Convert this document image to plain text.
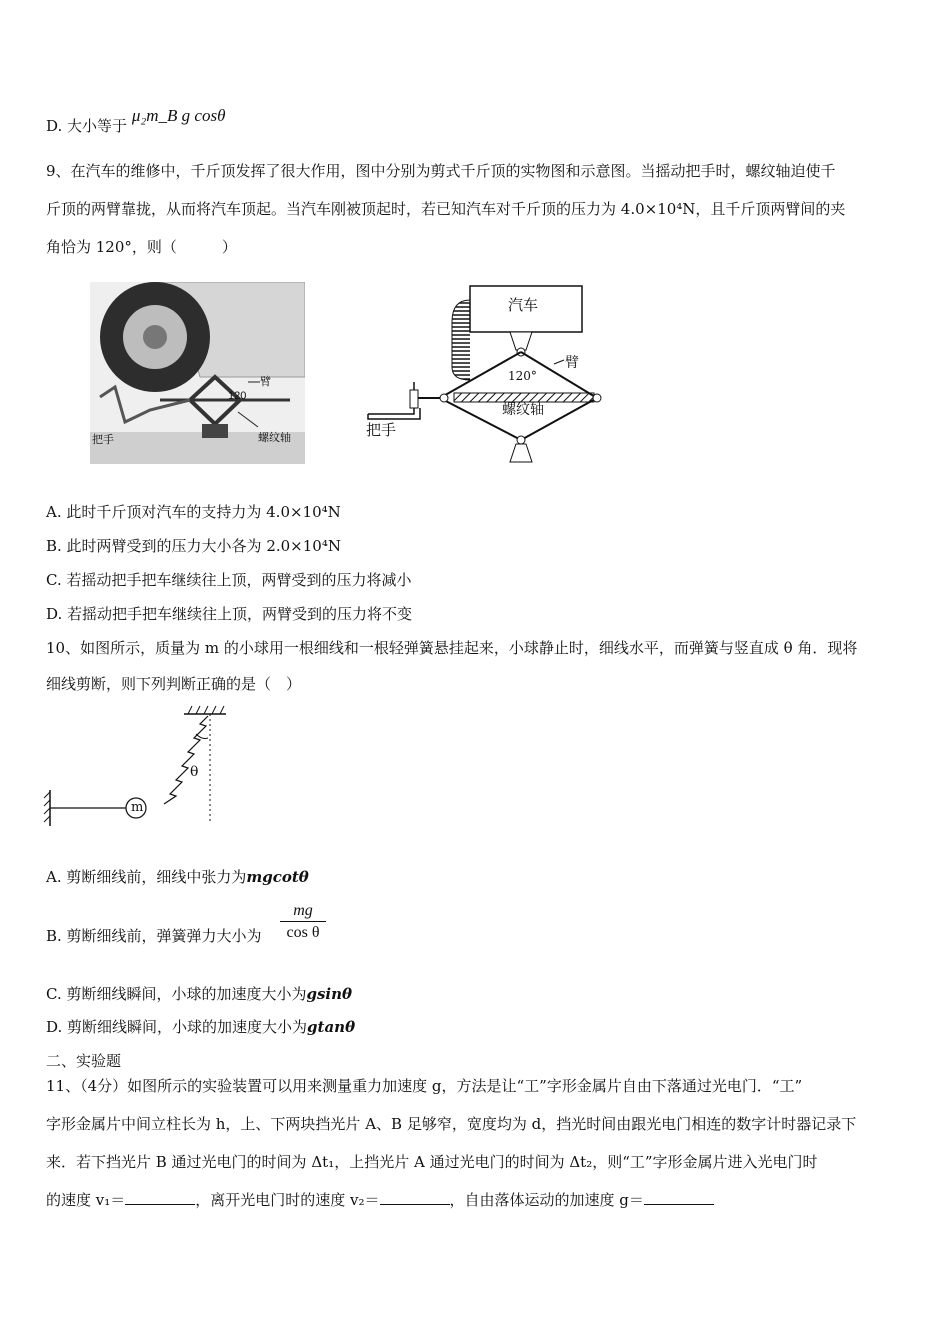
D. 大小等于 μ₂m_B g cosθ
9、在汽车的维修中，千斤顶发挥了很大作用，图中分别为剪式千斤顶的实物图和示意图。当摇动把手时，螺纹轴迫使千
斤顶的两臂靠拢，从而将汽车顶起。当汽车刚被顶起时，若已知汽车对千斤顶的压力为 4.0×10⁴N，且千斤顶两臂间的夹
角恰为 120°，则（　　　）
臂
120
把手	螺纹轴
汽车
臂
120°
螺纹轴
把手
A. 此时千斤顶对汽车的支持力为 4.0×10⁴N
B. 此时两臂受到的压力大小各为 2.0×10⁴N
C. 若摇动把手把车继续往上顶，两臂受到的压力将减小
D. 若摇动把手把车继续往上顶，两臂受到的压力将不变
10、如图所示，质量为 m 的小球用一根细线和一根轻弹簧悬挂起来，小球静止时，细线水平，而弹簧与竖直成 θ 角．现将
细线剪断，则下列判断正确的是（　）
θ
m
A. 剪断细线前，细线中张力为mgcotθ
B. 剪断细线前，弹簧弹力大小为 $\frac{mg}{\text{cos θ}}$
C. 剪断细线瞬间，小球的加速度大小为gsinθ
D. 剪断细线瞬间，小球的加速度大小为gtanθ
二、实验题
11、（4分）如图所示的实验装置可以用来测量重力加速度 g，方法是让“工”字形金属片自由下落通过光电门．“工”
字形金属片中间立柱长为 h，上、下两块挡光片 A、B 足够窄，宽度均为 d，挡光时间由跟光电门相连的数字计时器记录下
来．若下挡光片 B 通过光电门的时间为 Δt₁，上挡光片 A 通过光电门的时间为 Δt₂，则“工”字形金属片进入光电门时
的速度 v₁＝	，离开光电门时的速度 v₂＝	，自由落体运动的加速度 g＝
